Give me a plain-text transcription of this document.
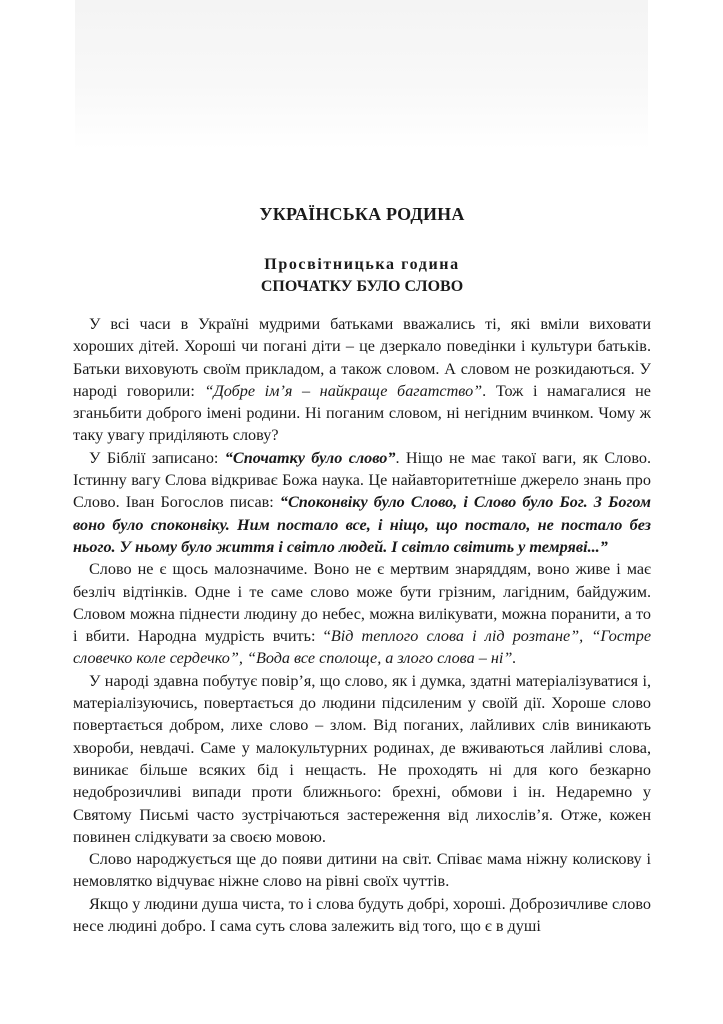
УКРАЇНСЬКА РОДИНА
Просвітницька година
СПОЧАТКУ БУЛО СЛОВО

У всі часи в Україні мудрими батьками вважались ті, які вміли виховати хороших дітей. Хороші чи погані діти – це дзеркало поведінки і культури батьків. Батьки виховують своїм прикладом, а також словом. А словом не розкидаються. У народі говорили: “Добре ім’я – найкраще багатство”. Тож і намагалися не зганьбити доброго імені родини. Ні поганим словом, ні негідним вчинком. Чому ж таку увагу приділяють слову?

У Біблії записано: “Спочатку було слово”. Ніщо не має такої ваги, як Слово. Істинну вагу Слова відкриває Божа наука. Це найавторитетніше джерело знань про Слово. Іван Богослов писав: “Споконвіку було Слово, і Слово було Бог. З Богом воно було споконвіку. Ним постало все, і ніщо, що постало, не постало без нього. У ньому було життя і світло людей. І світло світить у темряві...”

Слово не є щось малозначиме. Воно не є мертвим знаряддям, воно живе і має безліч відтінків. Одне і те саме слово може бути грізним, лагідним, байдужим. Словом можна піднести людину до небес, можна вилікувати, можна поранити, а то і вбити. Народна мудрість вчить: “Від теплого слова і лід розтане”, “Гостре словечко коле сердечко”, “Вода все сполоще, а злого слова – ні”.

У народі здавна побутує повір’я, що слово, як і думка, здатні матеріалізуватися і, матеріалізуючись, повертається до людини підсиленим у своїй дії. Хороше слово повертається добром, лихе слово – злом. Від поганих, лайливих слів виникають хвороби, невдачі. Саме у малокультурних родинах, де вживаються лайливі слова, виникає більше всяких бід і нещасть. Не проходять ні для кого безкарно недоброзичливі випади проти ближнього: брехні, обмови і ін. Недаремно у Святому Письмі часто зустрічаються застереження від лихослів’я. Отже, кожен повинен слідкувати за своєю мовою.

Слово народжується ще до появи дитини на світ. Співає мама ніжну колискову і немовлятко відчуває ніжне слово на рівні своїх чуттів.

Якщо у людини душа чиста, то і слова будуть добрі, хороші. Доброзичливе слово несе людині добро. І сама суть слова залежить від того, що є в душі
